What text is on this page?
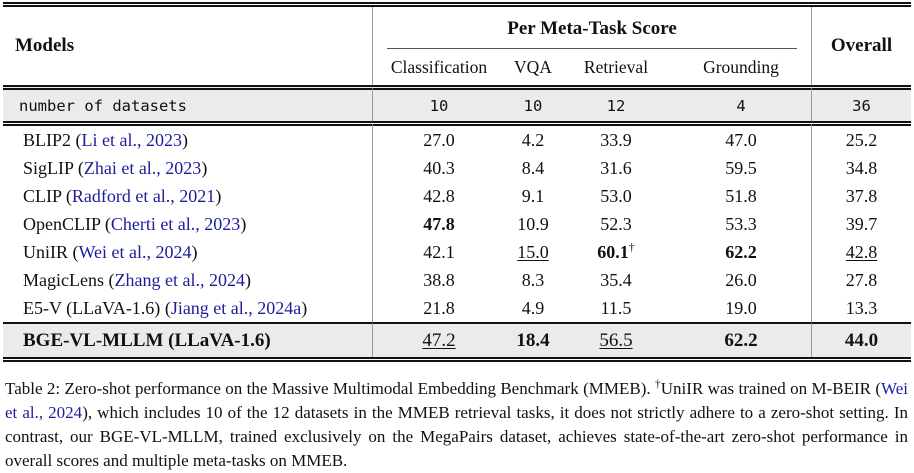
Models	Per Meta-Task Score				Overall
	Classification	VQA	Retrieval	Grounding	
number of datasets	10	10	12	4	36
BLIP2 (Li et al., 2023)	27.0	4.2	33.9	47.0	25.2
SigLIP (Zhai et al., 2023)	40.3	8.4	31.6	59.5	34.8
CLIP (Radford et al., 2021)	42.8	9.1	53.0	51.8	37.8
OpenCLIP (Cherti et al., 2023)	47.8	10.9	52.3	53.3	39.7
UniIR (Wei et al., 2024)	42.1	15.0	60.1†	62.2	42.8
MagicLens (Zhang et al., 2024)	38.8	8.3	35.4	26.0	27.8
E5-V (LLaVA-1.6) (Jiang et al., 2024a)	21.8	4.9	11.5	19.0	13.3
BGE-VL-MLLM (LLaVA-1.6)	47.2	18.4	56.5	62.2	44.0

Table 2: Zero-shot performance on the Massive Multimodal Embedding Benchmark (MMEB). †UniIR was trained on M-BEIR (Wei et al., 2024), which includes 10 of the 12 datasets in the MMEB retrieval tasks, it does not strictly adhere to a zero-shot setting. In contrast, our BGE-VL-MLLM, trained exclusively on the MegaPairs dataset, achieves state-of-the-art zero-shot performance in overall scores and multiple meta-tasks on MMEB.
